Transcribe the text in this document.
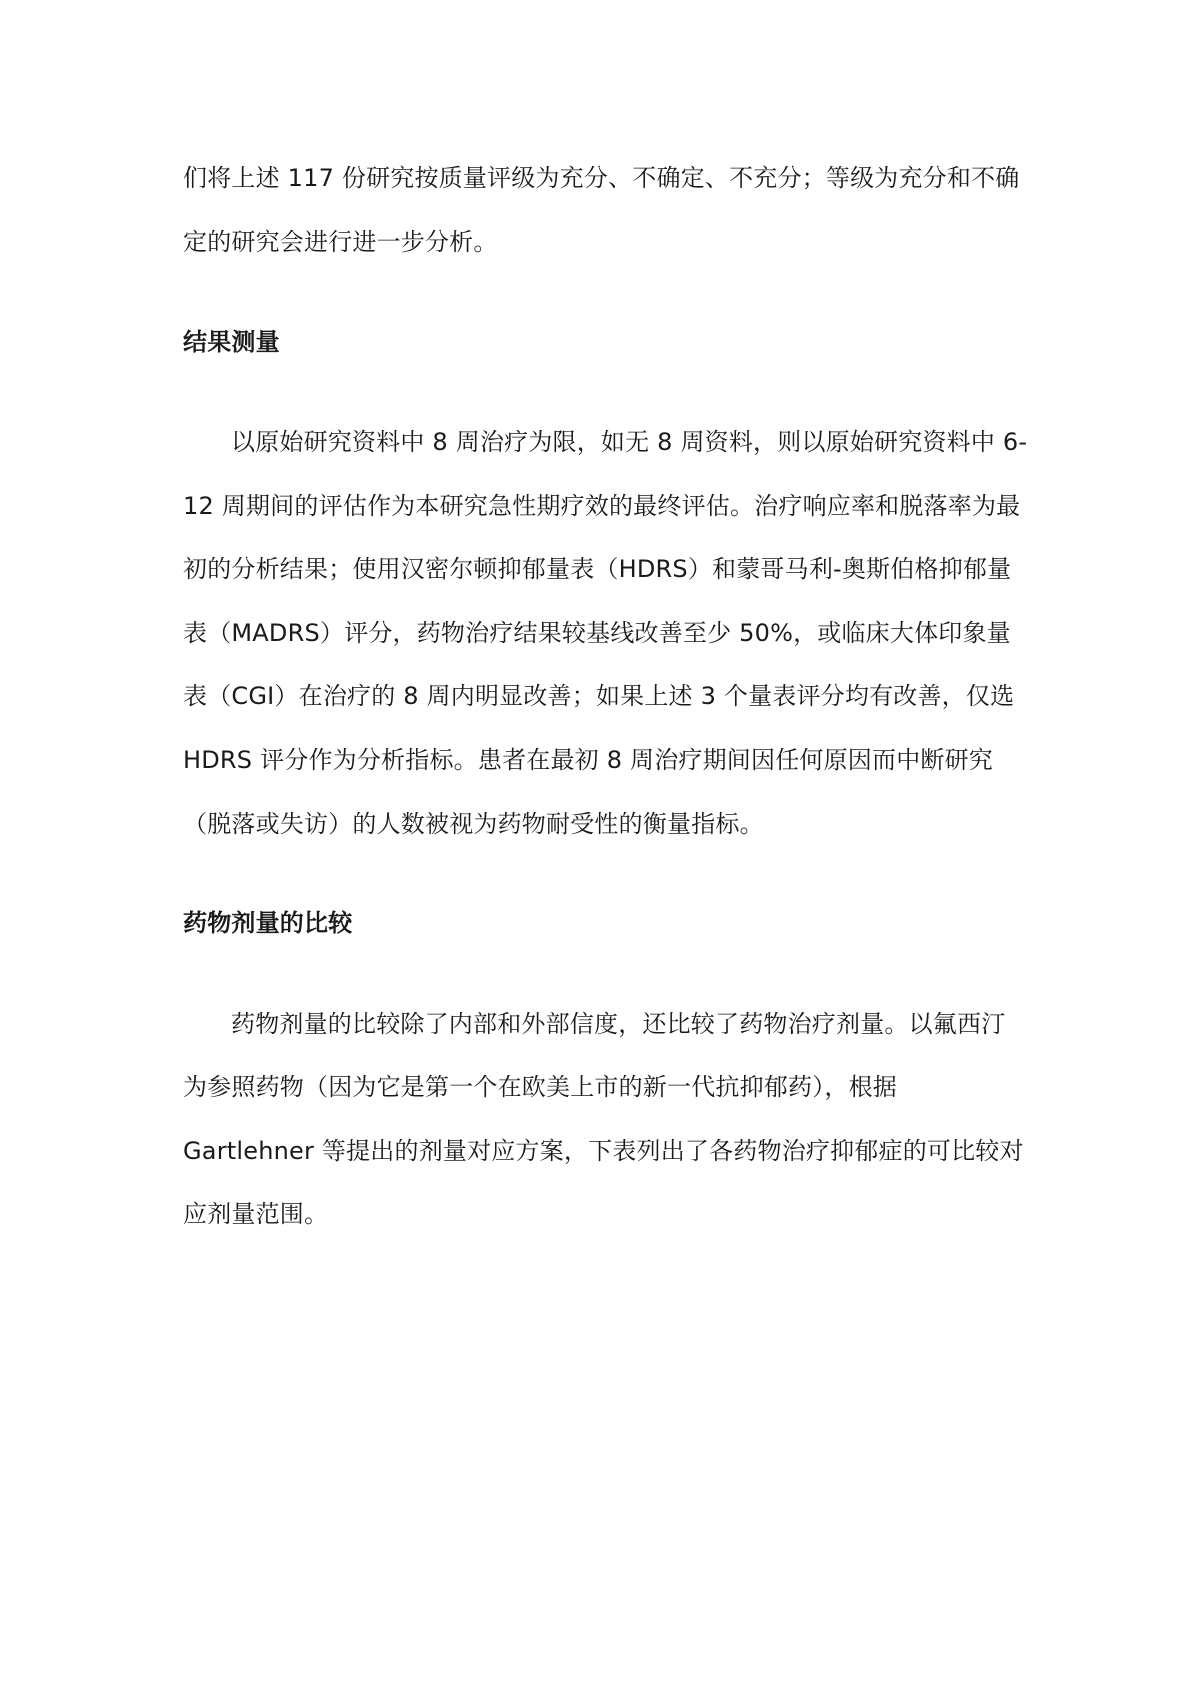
们将上述 117 份研究按质量评级为充分、不确定、不充分；等级为充分和不确
定的研究会进行进一步分析。
结果测量
以原始研究资料中 8 周治疗为限，如无 8 周资料，则以原始研究资料中 6-
12 周期间的评估作为本研究急性期疗效的最终评估。治疗响应率和脱落率为最
初的分析结果；使用汉密尔顿抑郁量表（HDRS）和蒙哥马利-奥斯伯格抑郁量
表（MADRS）评分，药物治疗结果较基线改善至少 50%，或临床大体印象量
表（CGI）在治疗的 8 周内明显改善；如果上述 3 个量表评分均有改善，仅选
HDRS 评分作为分析指标。患者在最初 8 周治疗期间因任何原因而中断研究
（脱落或失访）的人数被视为药物耐受性的衡量指标。
药物剂量的比较
药物剂量的比较除了内部和外部信度，还比较了药物治疗剂量。以氟西汀
为参照药物（因为它是第一个在欧美上市的新一代抗抑郁药），根据
Gartlehner 等提出的剂量对应方案，下表列出了各药物治疗抑郁症的可比较对
应剂量范围。
